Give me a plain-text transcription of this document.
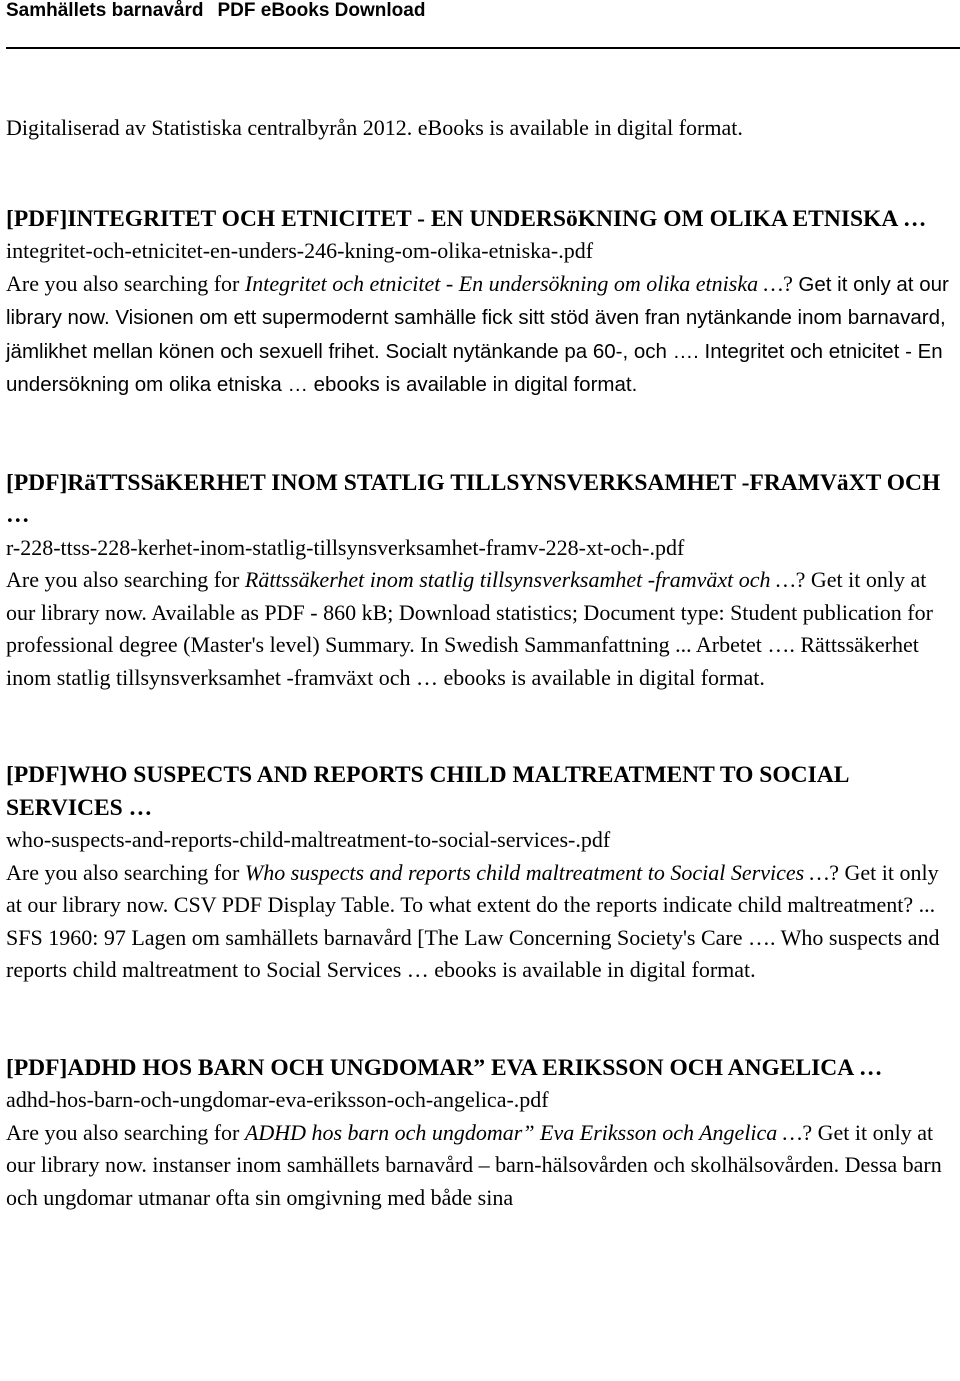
Samhällets barnavård PDF eBooks Download

Digitaliserad av Statistiska centralbyrån 2012. eBooks is available in digital format.

[PDF]INTEGRITET OCH ETNICITET - EN UNDERSöKNING OM OLIKA ETNISKA …

integritet-och-etnicitet-en-unders-246-kning-om-olika-etniska-.pdf

Are you also searching for Integritet och etnicitet - En undersökning om olika etniska …? Get it only at our library now. Visionen om ett supermodernt samhälle fick sitt stöd även fran nytänkande inom barnavard, jämlikhet mellan könen och sexuell frihet. Socialt nytänkande pa 60-, och …. Integritet och etnicitet - En undersökning om olika etniska … ebooks is available in digital format.

[PDF]RäTTSSäKERHET INOM STATLIG TILLSYNSVERKSAMHET -FRAMVäXT OCH …

r-228-ttss-228-kerhet-inom-statlig-tillsynsverksamhet-framv-228-xt-och-.pdf

Are you also searching for Rättssäkerhet inom statlig tillsynsverksamhet -framväxt och …? Get it only at our library now. Available as PDF - 860 kB; Download statistics; Document type: Student publication for professional degree (Master's level) Summary. In Swedish Sammanfattning ... Arbetet …. Rättssäkerhet inom statlig tillsynsverksamhet -framväxt och … ebooks is available in digital format.

[PDF]WHO SUSPECTS AND REPORTS CHILD MALTREATMENT TO SOCIAL SERVICES …

who-suspects-and-reports-child-maltreatment-to-social-services-.pdf

Are you also searching for Who suspects and reports child maltreatment to Social Services …? Get it only at our library now. CSV PDF Display Table. To what extent do the reports indicate child maltreatment? ... SFS 1960: 97 Lagen om samhällets barnavård [The Law Concerning Society's Care …. Who suspects and reports child maltreatment to Social Services … ebooks is available in digital format.

[PDF]ADHD HOS BARN OCH UNGDOMAR” EVA ERIKSSON OCH ANGELICA …

adhd-hos-barn-och-ungdomar-eva-eriksson-och-angelica-.pdf

Are you also searching for ADHD hos barn och ungdomar” Eva Eriksson och Angelica …? Get it only at our library now. instanser inom samhällets barnavård – barn-hälsovården och skolhälsovården. Dessa barn och ungdomar utmanar ofta sin omgivning med både sina
